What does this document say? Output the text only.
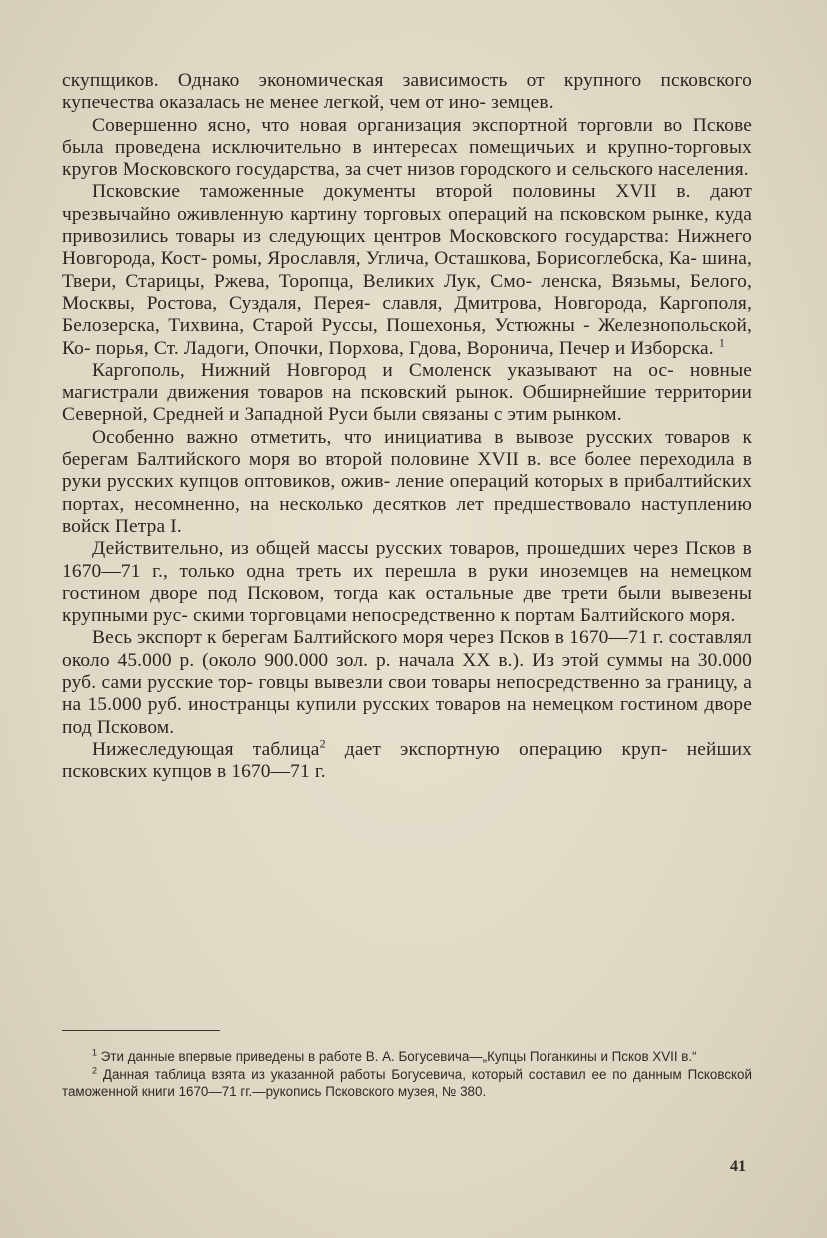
скупщиков. Однако экономическая зависимость от крупного псковского купечества оказалась не менее легкой, чем от ино- земцев.

Совершенно ясно, что новая организация экспортной торговли во Пскове была проведена исключительно в интересах помещичьих и крупно-торговых кругов Московского государства, за счет низов городского и сельского населения.

Псковские таможенные документы второй половины XVII в. дают чрезвычайно оживленную картину торговых операций на псковском рынке, куда привозились товары из следующих центров Московского государства: Нижнего Новгорода, Кост- ромы, Ярославля, Углича, Осташкова, Борисоглебска, Ка- шина, Твери, Старицы, Ржева, Торопца, Великих Лук, Смо- ленска, Вязьмы, Белого, Москвы, Ростова, Суздаля, Перея- славля, Дмитрова, Новгорода, Каргополя, Белозерска, Тихвина, Старой Руссы, Пошехонья, Устюжны - Железнопольской, Ко- порья, Ст. Ладоги, Опочки, Порхова, Гдова, Воронича, Печер и Изборска. $^1$

Каргополь, Нижний Новгород и Смоленск указывают на ос- новные магистрали движения товаров на псковский рынок. Обширнейшие территории Северной, Средней и Западной Руси были связаны с этим рынком.

Особенно важно отметить, что инициатива в вывозе русских товаров к берегам Балтийского моря во второй половине XVII в. все более переходила в руки русских купцов оптовиков, ожив- ление операций которых в прибалтийских портах, несомненно, на несколько десятков лет предшествовало наступлению войск Петра I.

Действительно, из общей массы русских товаров, прошедших через Псков в 1670—71 г., только одна треть их перешла в руки иноземцев на немецком гостином дворе под Псковом, тогда как остальные две трети были вывезены крупными рус- скими торговцами непосредственно к портам Балтийского моря.

Весь экспорт к берегам Балтийского моря через Псков в 1670—71 г. составлял около 45.000 р. (около 900.000 зол. р. начала XX в.). Из этой суммы на 30.000 руб. сами русские тор- говцы вывезли свои товары непосредственно за границу, а на 15.000 руб. иностранцы купили русских товаров на немецком гостином дворе под Псковом.

Нижеследующая таблица$^2$ дает экспортную операцию круп- нейших псковских купцов в 1670—71 г.

$^1$ Эти данные впервые приведены в работе В. А. Богусевича—„Купцы Поганкины и Псков XVII в.“

$^2$ Данная таблица взята из указанной работы Богусевича, который составил ее по данным Псковской таможенной книги 1670—71 гг.—рукопись Псковского музея, № 380.

41
